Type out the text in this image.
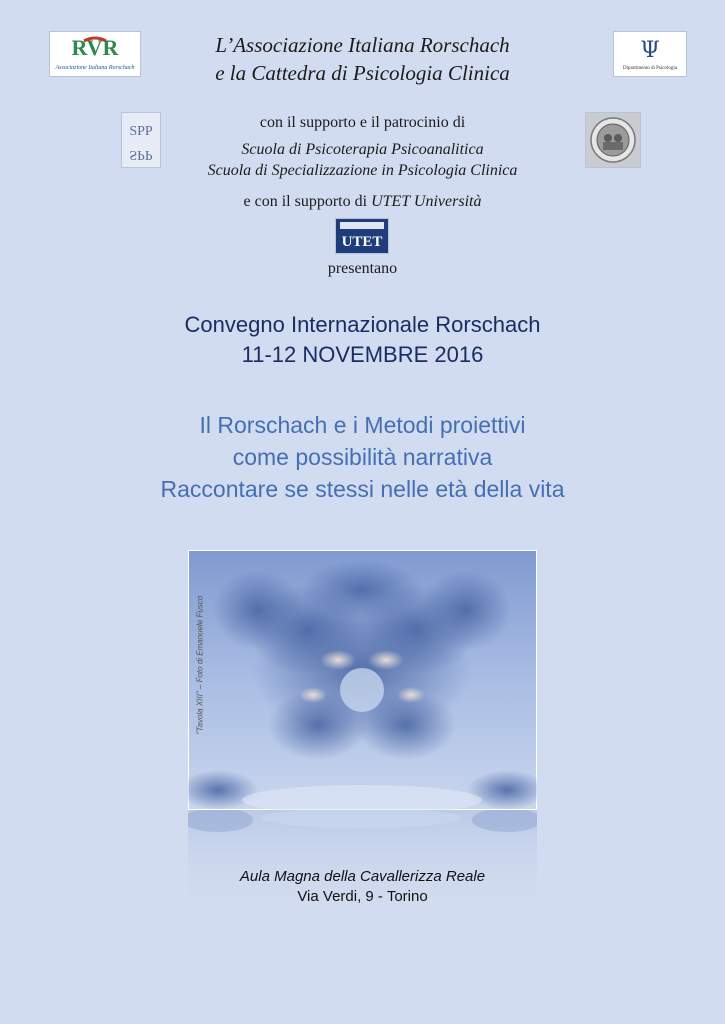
RVR
Associazione Italiana Rorschach
Ψ
Dipartimento di Psicologia
SPP
SPP
UTET
L’Associazione Italiana Rorschach
e la Cattedra di Psicologia Clinica
con il supporto e il patrocinio di
Scuola di Psicoterapia Psicoanalitica
Scuola di Specializzazione in Psicologia Clinica
e con il supporto di UTET Università
presentano
Convegno Internazionale Rorschach
11-12 NOVEMBRE 2016
Il Rorschach e i Metodi proiettivi
come possibilità narrativa
Raccontare se stessi nelle età della vita
"Tavola XIII" – Foto di Emanuele Fusco
Aula Magna della Cavallerizza Reale
Via Verdi, 9 - Torino
